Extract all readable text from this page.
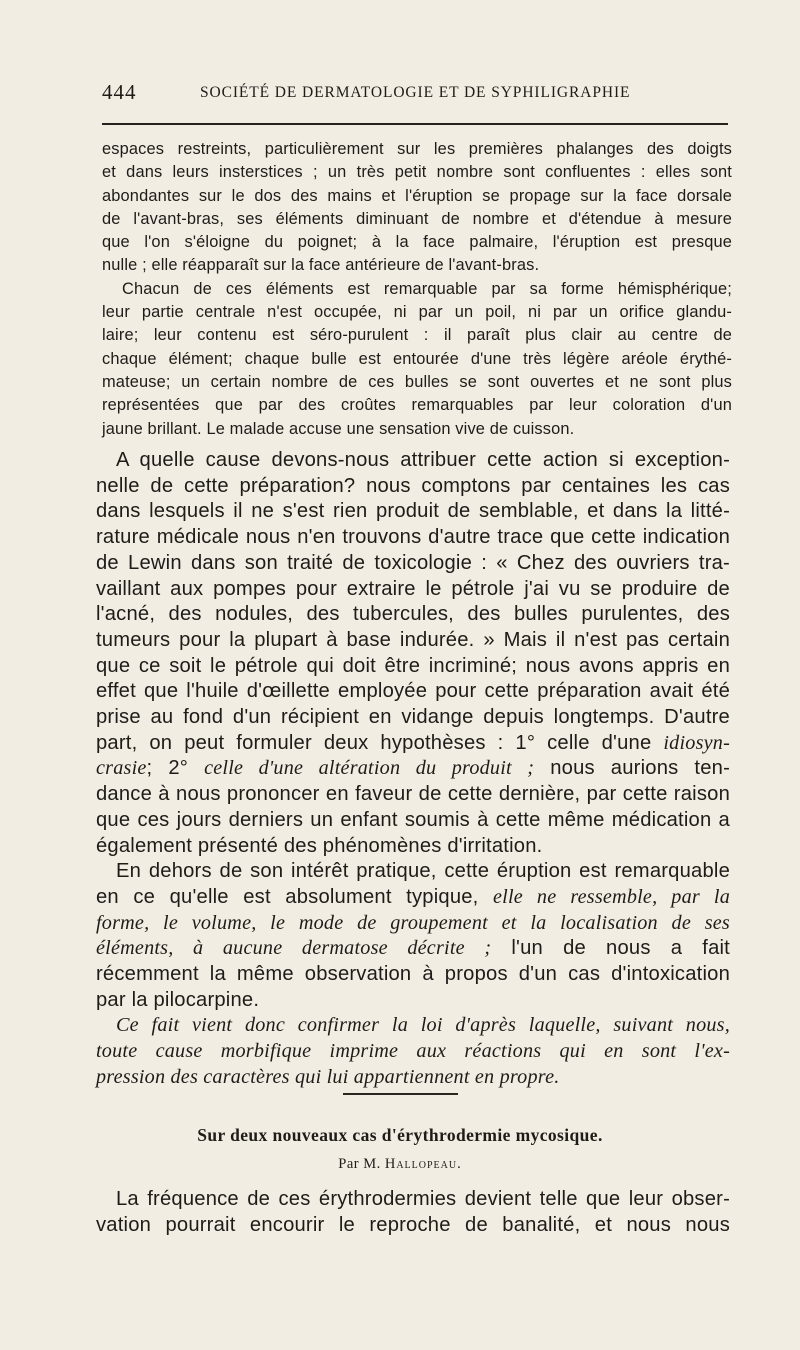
444	SOCIÉTÉ DE DERMATOLOGIE ET DE SYPHILIGRAPHIE
espaces restreints, particulièrement sur les premières phalanges des doigts
et dans leurs insterstices ; un très petit nombre sont confluentes : elles sont
abondantes sur le dos des mains et l'éruption se propage sur la face dorsale
de l'avant-bras, ses éléments diminuant de nombre et d'étendue à mesure
que l'on s'éloigne du poignet; à la face palmaire, l'éruption est presque
nulle ; elle réapparaît sur la face antérieure de l'avant-bras.
Chacun de ces éléments est remarquable par sa forme hémisphérique;
leur partie centrale n'est occupée, ni par un poil, ni par un orifice glandu-
laire; leur contenu est séro-purulent : il paraît plus clair au centre de
chaque élément; chaque bulle est entourée d'une très légère aréole érythé-
mateuse; un certain nombre de ces bulles se sont ouvertes et ne sont plus
représentées que par des croûtes remarquables par leur coloration d'un
jaune brillant. Le malade accuse une sensation vive de cuisson.
A quelle cause devons-nous attribuer cette action si exception-
nelle de cette préparation? nous comptons par centaines les cas
dans lesquels il ne s'est rien produit de semblable, et dans la litté-
rature médicale nous n'en trouvons d'autre trace que cette indication
de Lewin dans son traité de toxicologie : « Chez des ouvriers tra-
vaillant aux pompes pour extraire le pétrole j'ai vu se produire de
l'acné, des nodules, des tubercules, des bulles purulentes, des
tumeurs pour la plupart à base indurée. » Mais il n'est pas certain
que ce soit le pétrole qui doit être incriminé; nous avons appris en
effet que l'huile d'œillette employée pour cette préparation avait été
prise au fond d'un récipient en vidange depuis longtemps. D'autre
part, on peut formuler deux hypothèses : 1° celle d'une idiosyn-
crasie; 2° celle d'une altération du produit ; nous aurions ten-
dance à nous prononcer en faveur de cette dernière, par cette raison
que ces jours derniers un enfant soumis à cette même médication a
également présenté des phénomènes d'irritation.
En dehors de son intérêt pratique, cette éruption est remarquable
en ce qu'elle est absolument typique, elle ne ressemble, par la
forme, le volume, le mode de groupement et la localisation de ses
éléments, à aucune dermatose décrite ; l'un de nous a fait
récemment la même observation à propos d'un cas d'intoxication
par la pilocarpine.
Ce fait vient donc confirmer la loi d'après laquelle, suivant nous,
toute cause morbifique imprime aux réactions qui en sont l'ex-
pression des caractères qui lui appartiennent en propre.
Sur deux nouveaux cas d'érythrodermie mycosique.
Par M. Hallopeau.
La fréquence de ces érythrodermies devient telle que leur obser-
vation pourrait encourir le reproche de banalité, et nous nous
